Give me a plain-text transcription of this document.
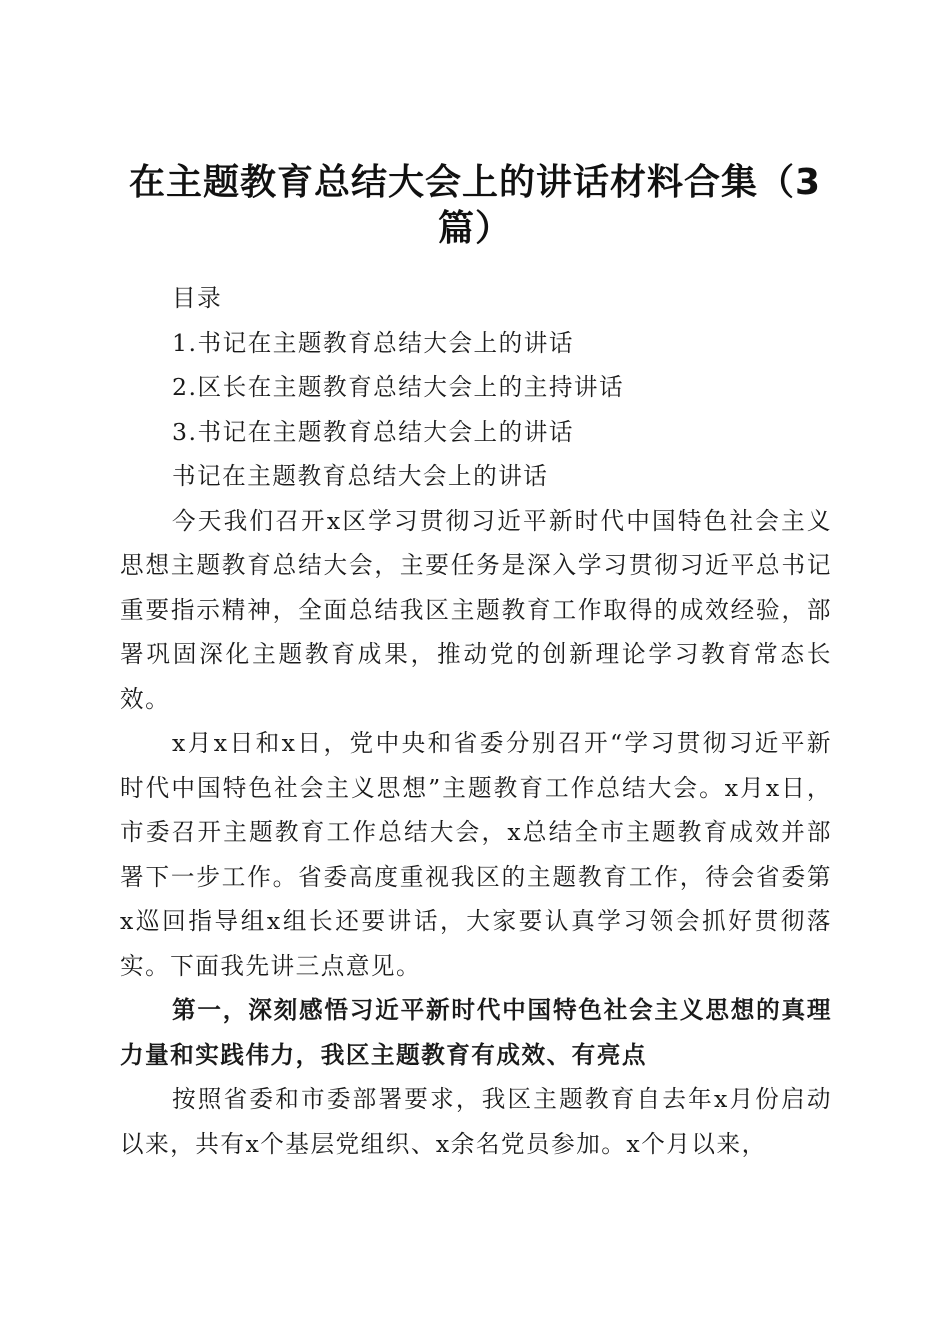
在主题教育总结大会上的讲话材料合集（3篇）

目录

1.书记在主题教育总结大会上的讲话

2.区长在主题教育总结大会上的主持讲话

3.书记在主题教育总结大会上的讲话

书记在主题教育总结大会上的讲话

今天我们召开x区学习贯彻习近平新时代中国特色社会主义思想主题教育总结大会，主要任务是深入学习贯彻习近平总书记重要指示精神，全面总结我区主题教育工作取得的成效经验，部署巩固深化主题教育成果，推动党的创新理论学习教育常态长效。

x月x日和x日，党中央和省委分别召开“学习贯彻习近平新时代中国特色社会主义思想”主题教育工作总结大会。x月x日，市委召开主题教育工作总结大会，x总结全市主题教育成效并部署下一步工作。省委高度重视我区的主题教育工作，待会省委第x巡回指导组x组长还要讲话，大家要认真学习领会抓好贯彻落实。下面我先讲三点意见。

第一，深刻感悟习近平新时代中国特色社会主义思想的真理力量和实践伟力，我区主题教育有成效、有亮点

按照省委和市委部署要求，我区主题教育自去年x月份启动以来，共有x个基层党组织、x余名党员参加。x个月以来，
